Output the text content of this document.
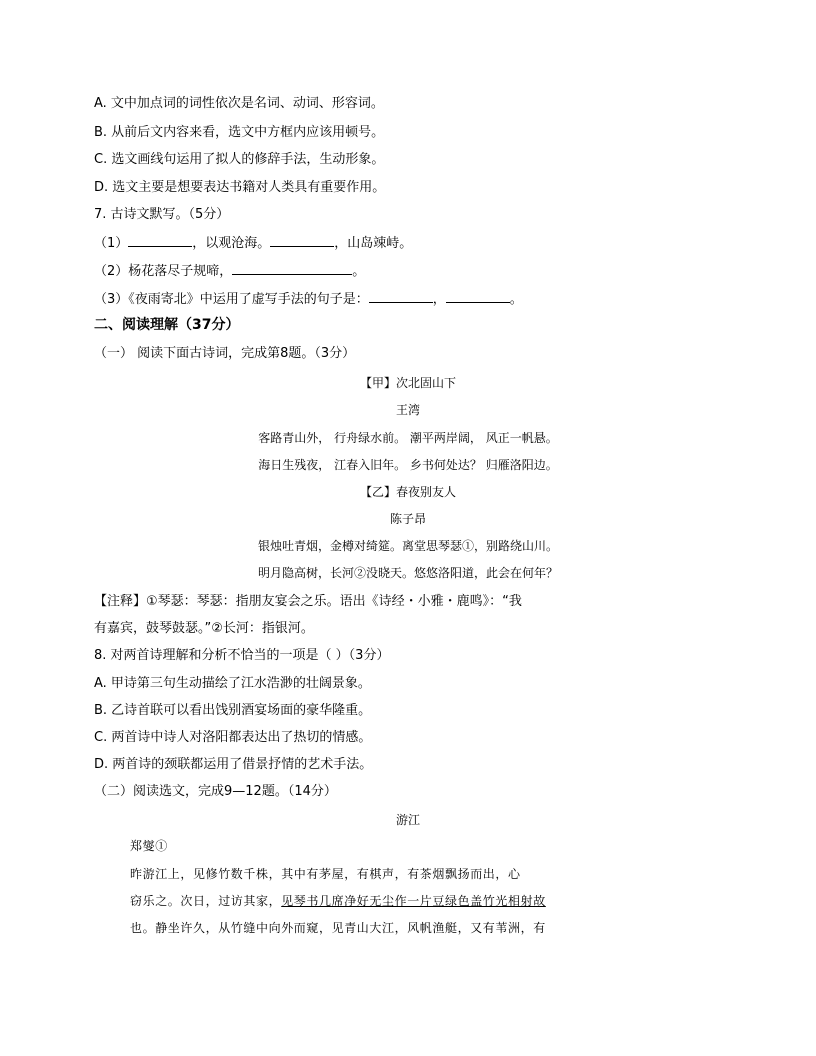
A. 文中加点词的词性依次是名词、动词、形容词。
B. 从前后文内容来看，选文中方框内应该用顿号。
C. 选文画线句运用了拟人的修辞手法，生动形象。
D. 选文主要是想要表达书籍对人类具有重要作用。
7. 古诗文默写。（5分）
（1）	，以观沧海。	，山岛竦峙。
（2）杨花落尽子规啼，	。
（3）《夜雨寄北》中运用了虚写手法的句子是：	，	。
二、阅读理解（37分）
（一） 阅读下面古诗词，完成第8题。（3分）
【甲】次北固山下
王湾
客路青山外， 行舟绿水前。 潮平两岸阔， 风正一帆悬。
海日生残夜， 江春入旧年。 乡书何处达？ 归雁洛阳边。
【乙】春夜别友人
陈子昂
银烛吐青烟，金樽对绮筵。离堂思琴瑟①，别路绕山川。
明月隐高树，长河②没晓天。悠悠洛阳道，此会在何年？
【注释】①琴瑟：琴瑟：指朋友宴会之乐。语出《诗经・小雅・鹿鸣》：“我
有嘉宾，鼓琴鼓瑟。”②长河：指银河。
8. 对两首诗理解和分析不恰当的一项是（ ）（3分）
A. 甲诗第三句生动描绘了江水浩渺的壮阔景象。
B. 乙诗首联可以看出饯别酒宴场面的豪华隆重。
C. 两首诗中诗人对洛阳都表达出了热切的情感。
D. 两首诗的颈联都运用了借景抒情的艺术手法。
（二）阅读选文，完成9—12题。（14分）
游江
郑燮①
昨游江上，见修竹数千株，其中有茅屋，有棋声，有茶烟飘扬而出，心
窃乐之。次日，过访其家，见琴书几席净好无尘作一片豆绿色盖竹光相射故
也。静坐许久，从竹缝中向外而窥，见青山大江，风帆渔艇，又有苇洲，有
